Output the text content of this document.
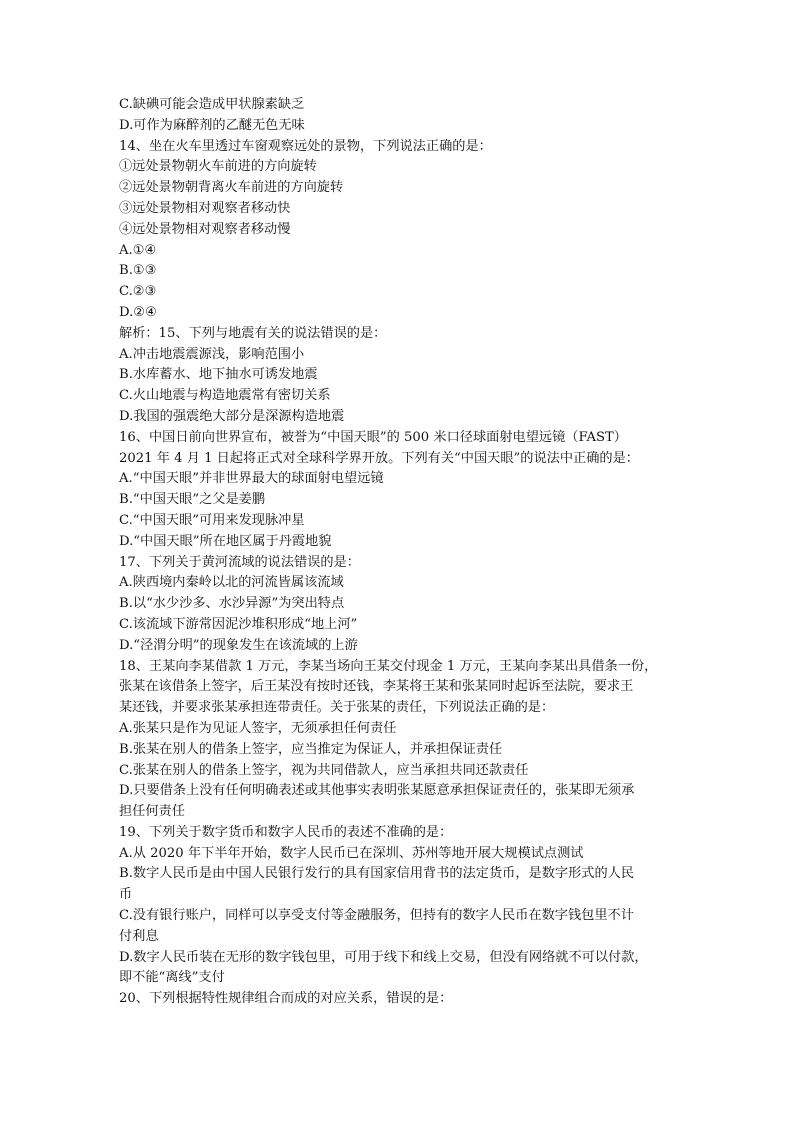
C.缺碘可能会造成甲状腺素缺乏
D.可作为麻醉剂的乙醚无色无味
14、坐在火车里透过车窗观察远处的景物，下列说法正确的是：
①远处景物朝火车前进的方向旋转
②远处景物朝背离火车前进的方向旋转
③远处景物相对观察者移动快
④远处景物相对观察者移动慢
A.①④
B.①③
C.②③
D.②④
解析：15、下列与地震有关的说法错误的是：
A.冲击地震震源浅，影响范围小
B.水库蓄水、地下抽水可诱发地震
C.火山地震与构造地震常有密切关系
D.我国的强震绝大部分是深源构造地震
16、中国日前向世界宣布，被誉为“中国天眼”的 500 米口径球面射电望远镜（FAST）
2021 年 4 月 1 日起将正式对全球科学界开放。下列有关“中国天眼”的说法中正确的是：
A.“中国天眼”并非世界最大的球面射电望远镜
B.“中国天眼”之父是姜鹏
C.“中国天眼”可用来发现脉冲星
D.“中国天眼”所在地区属于丹霞地貌
17、下列关于黄河流域的说法错误的是：
A.陕西境内秦岭以北的河流皆属该流域
B.以“水少沙多、水沙异源”为突出特点
C.该流域下游常因泥沙堆积形成“地上河”
D.“泾渭分明”的现象发生在该流域的上游
18、王某向李某借款 1 万元，李某当场向王某交付现金 1 万元，王某向李某出具借条一份，
张某在该借条上签字，后王某没有按时还钱，李某将王某和张某同时起诉至法院，要求王
某还钱，并要求张某承担连带责任。关于张某的责任，下列说法正确的是：
A.张某只是作为见证人签字，无须承担任何责任
B.张某在别人的借条上签字，应当推定为保证人，并承担保证责任
C.张某在别人的借条上签字，视为共同借款人，应当承担共同还款责任
D.只要借条上没有任何明确表述或其他事实表明张某愿意承担保证责任的，张某即无须承
担任何责任
19、下列关于数字货币和数字人民币的表述不准确的是：
A.从 2020 年下半年开始，数字人民币已在深圳、苏州等地开展大规模试点测试
B.数字人民币是由中国人民银行发行的具有国家信用背书的法定货币，是数字形式的人民
币
C.没有银行账户，同样可以享受支付等金融服务，但持有的数字人民币在数字钱包里不计
付利息
D.数字人民币装在无形的数字钱包里，可用于线下和线上交易，但没有网络就不可以付款，
即不能“离线”支付
20、下列根据特性规律组合而成的对应关系，错误的是：
